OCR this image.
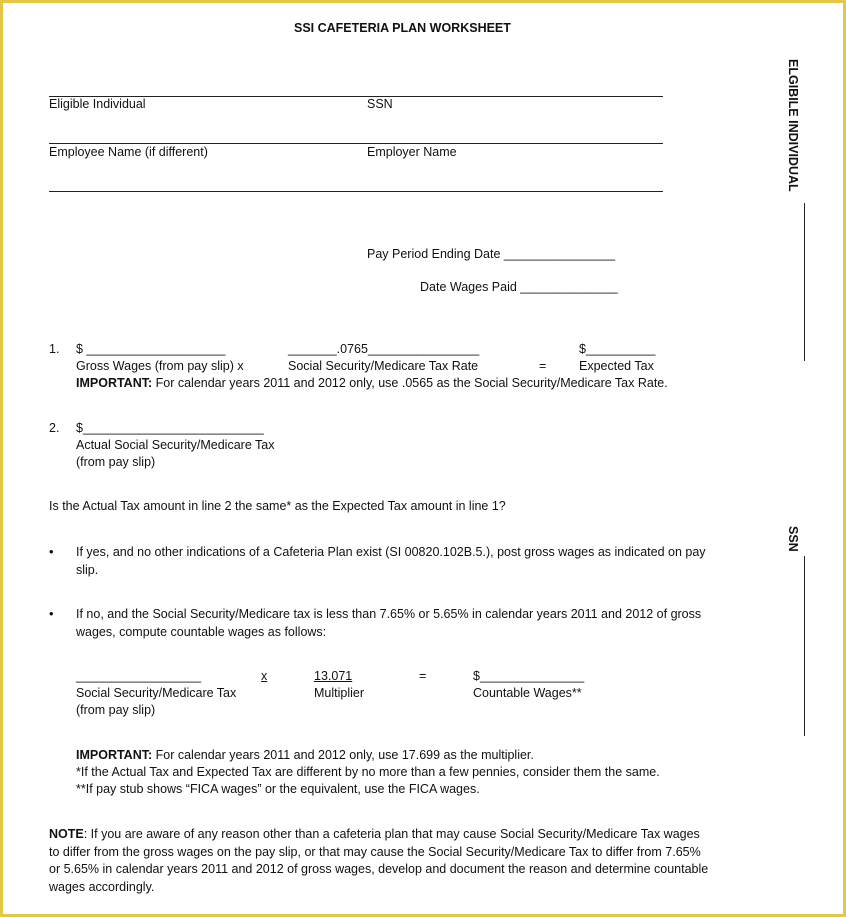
SSI CAFETERIA PLAN WORKSHEET
Eligible Individual	SSN
Employee Name (if different)	Employer Name
Pay Period Ending Date ________________
Date Wages Paid ______________
1. $ ____________________	_______.0765________________	$__________
Gross Wages (from pay slip) x	Social Security/Medicare Tax Rate	=	Expected Tax
IMPORTANT: For calendar years 2011 and 2012 only, use .0565 as the Social Security/Medicare Tax Rate.
2. $__________________________
Actual Social Security/Medicare Tax
(from pay slip)
Is the Actual Tax amount in line 2 the same* as the Expected Tax amount in line 1?
• If yes, and no other indications of a Cafeteria Plan exist (SI 00820.102B.5.), post gross wages as indicated on pay
slip.
• If no, and the Social Security/Medicare tax is less than 7.65% or 5.65% in calendar years 2011 and 2012 of gross
wages, compute countable wages as follows:
__________________	x	13.071	=	$_______________
Social Security/Medicare Tax	Multiplier	Countable Wages**
(from pay slip)
IMPORTANT: For calendar years 2011 and 2012 only, use 17.699 as the multiplier.
*If the Actual Tax and Expected Tax are different by no more than a few pennies, consider them the same.
**If pay stub shows “FICA wages” or the equivalent, use the FICA wages.
NOTE: If you are aware of any reason other than a cafeteria plan that may cause Social Security/Medicare Tax wages
to differ from the gross wages on the pay slip, or that may cause the Social Security/Medicare Tax to differ from 7.65%
or 5.65% in calendar years 2011 and 2012 of gross wages, develop and document the reason and determine countable
wages accordingly.
ELGIBILE INDIVIDUAL
SSN
